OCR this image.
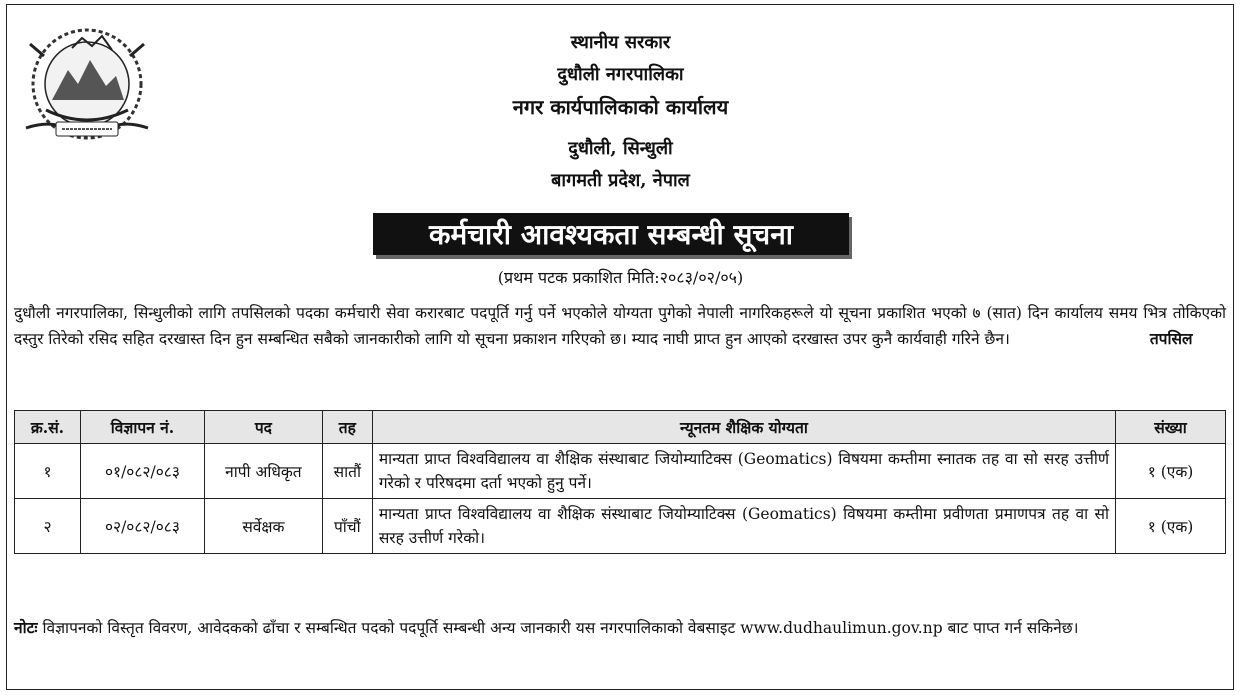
स्थानीय सरकार
दुधौली नगरपालिका
नगर कार्यपालिकाको कार्यालय
दुधौली, सिन्धुली
बागमती प्रदेश, नेपाल
कर्मचारी आवश्यकता सम्बन्धी सूचना
(प्रथम पटक प्रकाशित मिति:२०८३/०२/०५)
दुधौली नगरपालिका, सिन्धुलीको लागि तपसिलको पदका कर्मचारी सेवा करारबाट पदपूर्ति गर्नु पर्ने भएकोले योग्यता पुगेको नेपाली नागरिकहरूले यो सूचना प्रकाशित भएको ७ (सात) दिन कार्यालय समय भित्र तोकिएको दस्तुर तिरेको रसिद सहित दरखास्त दिन हुन सम्बन्धित सबैको जानकारीको लागि यो सूचना प्रकाशन गरिएको छ। म्याद नाघी प्राप्त हुन आएको दरखास्त उपर कुनै कार्यवाही गरिने छैन।	तपसिल
क्र.सं.	विज्ञापन नं.	पद	तह	न्यूनतम शैक्षिक योग्यता	संख्या
१	०१/०८२/०८३	नापी अधिकृत	सातौं	मान्यता प्राप्त विश्वविद्यालय वा शैक्षिक संस्थाबाट जियोम्याटिक्स (Geomatics) विषयमा कम्तीमा स्नातक तह वा सो सरह उत्तीर्ण गरेको र परिषदमा दर्ता भएको हुनु पर्ने।	१ (एक)
२	०२/०८२/०८३	सर्वेक्षक	पाँचौं	मान्यता प्राप्त विश्वविद्यालय वा शैक्षिक संस्थाबाट जियोम्याटिक्स (Geomatics) विषयमा कम्तीमा प्रवीणता प्रमाणपत्र तह वा सो सरह उत्तीर्ण गरेको।	१ (एक)
नोटः विज्ञापनको विस्तृत विवरण, आवेदकको ढाँचा र सम्बन्धित पदको पदपूर्ति सम्बन्धी अन्य जानकारी यस नगरपालिकाको वेबसाइट www.dudhaulimun.gov.np बाट पाप्त गर्न सकिनेछ।
